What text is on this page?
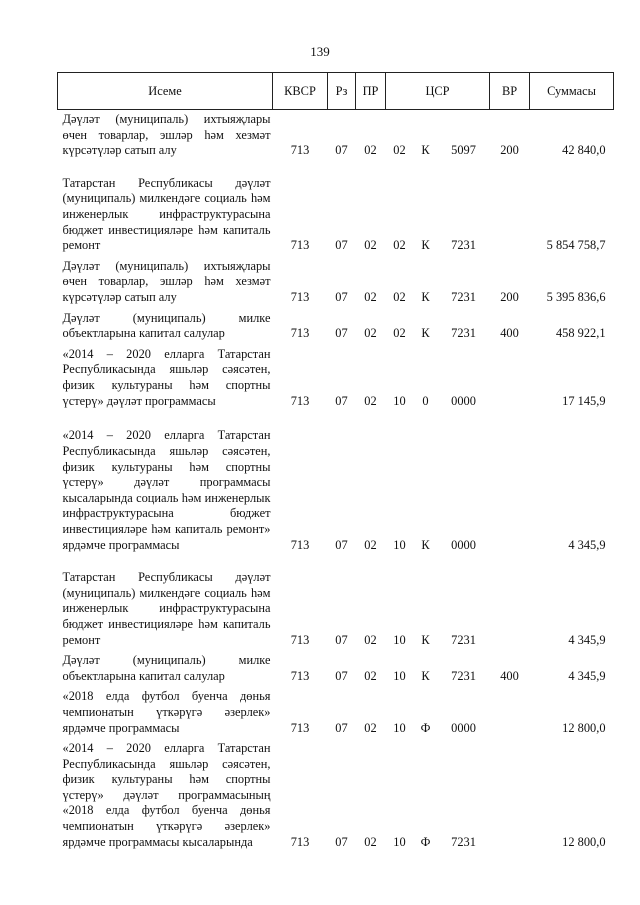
139
Исеме	КВСР	Рз	ПР	ЦСР			ВР	Суммасы
Дәүләт (муниципаль) ихтыяҗлары өчен товарлар, эшләр һәм хезмәт күрсәтүләр сатып алу	713	07	02	02	К	5097	200	42 840,0
Татарстан Республикасы дәүләт (муниципаль) милкендәге социаль һәм инженерлык инфраструктурасына бюджет инвестицияләре һәм капиталь ремонт	713	07	02	02	К	7231		5 854 758,7
Дәүләт (муниципаль) ихтыяҗлары өчен товарлар, эшләр һәм хезмәт күрсәтүләр сатып алу	713	07	02	02	К	7231	200	5 395 836,6
Дәүләт (муниципаль) милке объектларына капитал салулар	713	07	02	02	К	7231	400	458 922,1
«2014 – 2020 елларга Татарстан Республикасында яшьләр сәясәтен, физик культураны һәм спортны үстерү» дәүләт программасы	713	07	02	10	0	0000		17 145,9
«2014 – 2020 елларга Татарстан Республикасында яшьләр сәясәтен, физик культураны һәм спортны үстерү» дәүләт программасы кысаларында социаль һәм инженерлык инфраструктурасына бюджет инвестицияләре һәм капиталь ремонт» ярдәмче программасы	713	07	02	10	К	0000		4 345,9
Татарстан Республикасы дәүләт (муниципаль) милкендәге социаль һәм инженерлык инфраструктурасына бюджет инвестицияләре һәм капиталь ремонт	713	07	02	10	К	7231		4 345,9
Дәүләт (муниципаль) милке объектларына капитал салулар	713	07	02	10	К	7231	400	4 345,9
«2018 елда футбол буенча дөнья чемпионатын үткәрүгә әзерлек» ярдәмче программасы	713	07	02	10	Ф	0000		12 800,0
«2014 – 2020 елларга Татарстан Республикасында яшьләр сәясәтен, физик культураны һәм спортны үстерү» дәүләт программасының «2018 елда футбол буенча дөнья чемпионатын үткәрүгә әзерлек» ярдәмче программасы кысаларында	713	07	02	10	Ф	7231		12 800,0
